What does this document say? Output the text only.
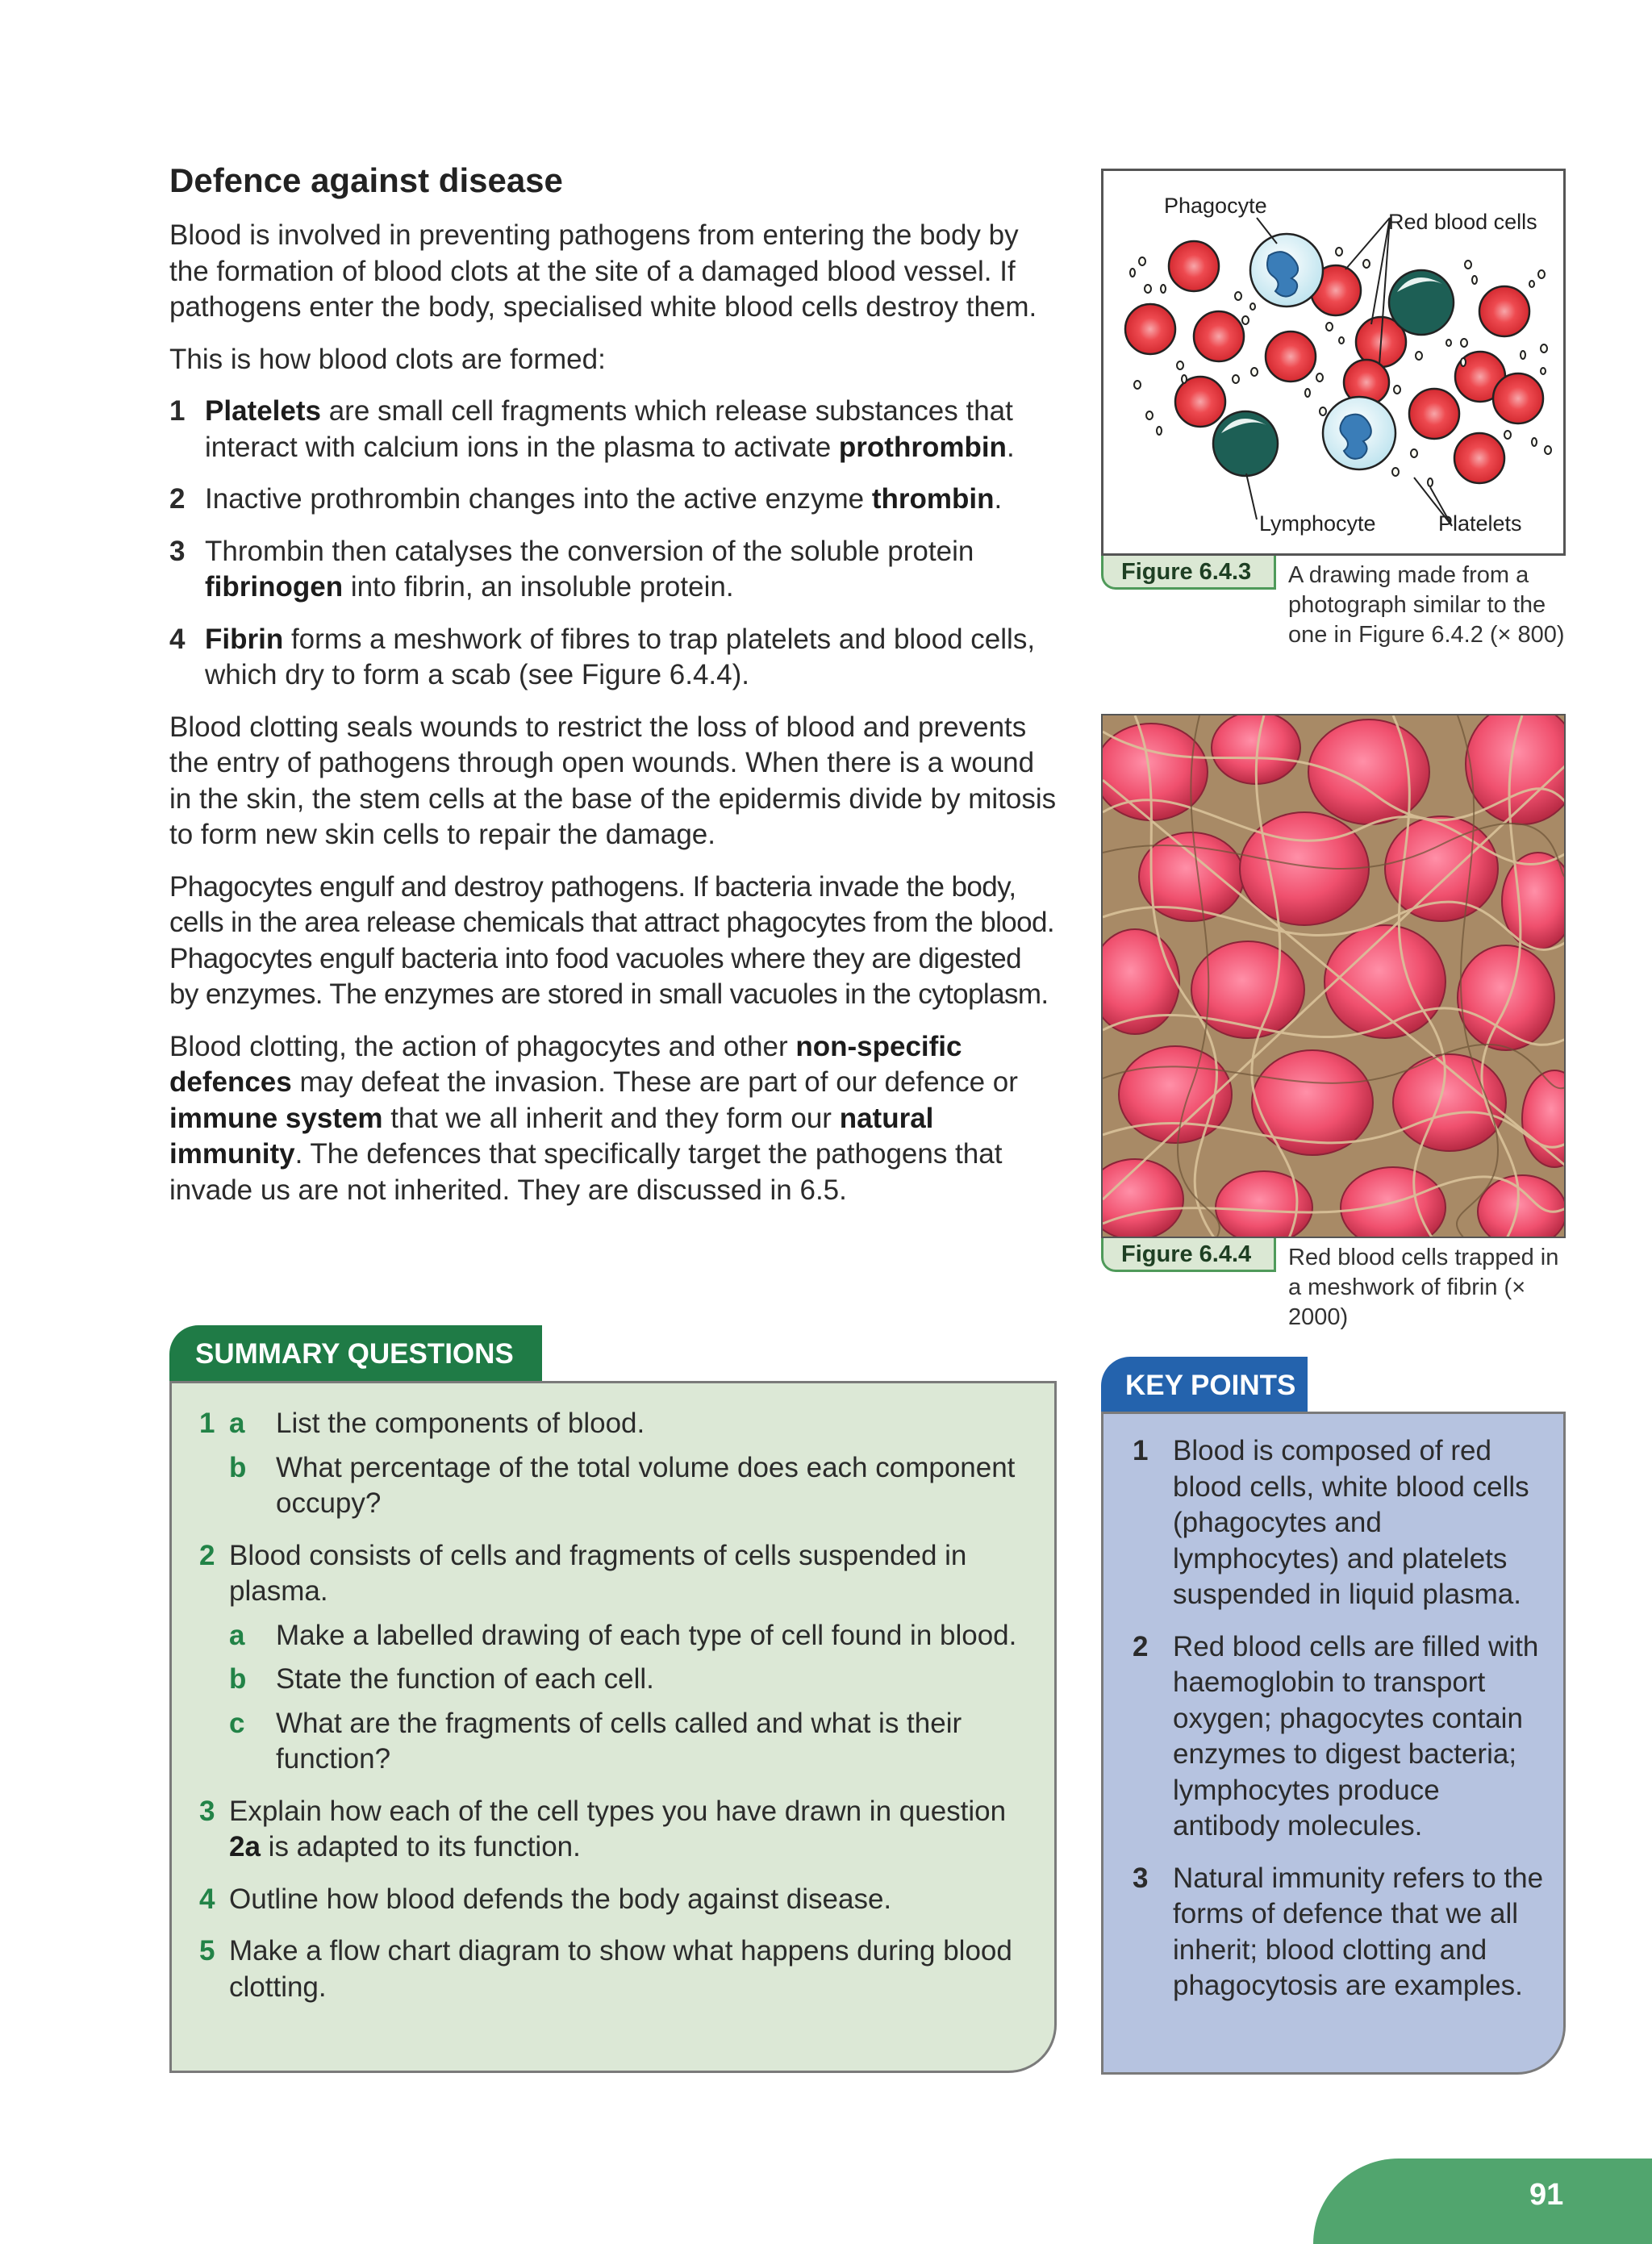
Defence against disease

Blood is involved in preventing pathogens from entering the body by the formation of blood clots at the site of a damaged blood vessel. If pathogens enter the body, specialised white blood cells destroy them.

This is how blood clots are formed:

1 Platelets are small cell fragments which release substances that interact with calcium ions in the plasma to activate prothrombin.
2 Inactive prothrombin changes into the active enzyme thrombin.
3 Thrombin then catalyses the conversion of the soluble protein fibrinogen into fibrin, an insoluble protein.
4 Fibrin forms a meshwork of fibres to trap platelets and blood cells, which dry to form a scab (see Figure 6.4.4).

Blood clotting seals wounds to restrict the loss of blood and prevents the entry of pathogens through open wounds. When there is a wound in the skin, the stem cells at the base of the epidermis divide by mitosis to form new skin cells to repair the damage.

Phagocytes engulf and destroy pathogens. If bacteria invade the body, cells in the area release chemicals that attract phagocytes from the blood. Phagocytes engulf bacteria into food vacuoles where they are digested by enzymes. The enzymes are stored in small vacuoles in the cytoplasm.

Blood clotting, the action of phagocytes and other non-specific defences may defeat the invasion. These are part of our defence or immune system that we all inherit and they form our natural immunity. The defences that specifically target the pathogens that invade us are not inherited. They are discussed in 6.5.

Phagocyte
Red blood cells
Lymphocyte	Platelets
Figure 6.4.3	A drawing made from a photograph similar to the one in Figure 6.4.2 (× 800)
Figure 6.4.4	Red blood cells trapped in a meshwork of fibrin (× 2000)
SUMMARY QUESTIONS
1 a List the components of blood.
b What percentage of the total volume does each component occupy?
2 Blood consists of cells and fragments of cells suspended in plasma.
a Make a labelled drawing of each type of cell found in blood.
b State the function of each cell.
c What are the fragments of cells called and what is their function?
3 Explain how each of the cell types you have drawn in question 2a is adapted to its function.
4 Outline how blood defends the body against disease.
5 Make a flow chart diagram to show what happens during blood clotting.
KEY POINTS
1 Blood is composed of red blood cells, white blood cells (phagocytes and lymphocytes) and platelets suspended in liquid plasma.
2 Red blood cells are filled with haemoglobin to transport oxygen; phagocytes contain enzymes to digest bacteria; lymphocytes produce antibody molecules.
3 Natural immunity refers to the forms of defence that we all inherit; blood clotting and phagocytosis are examples.
91
